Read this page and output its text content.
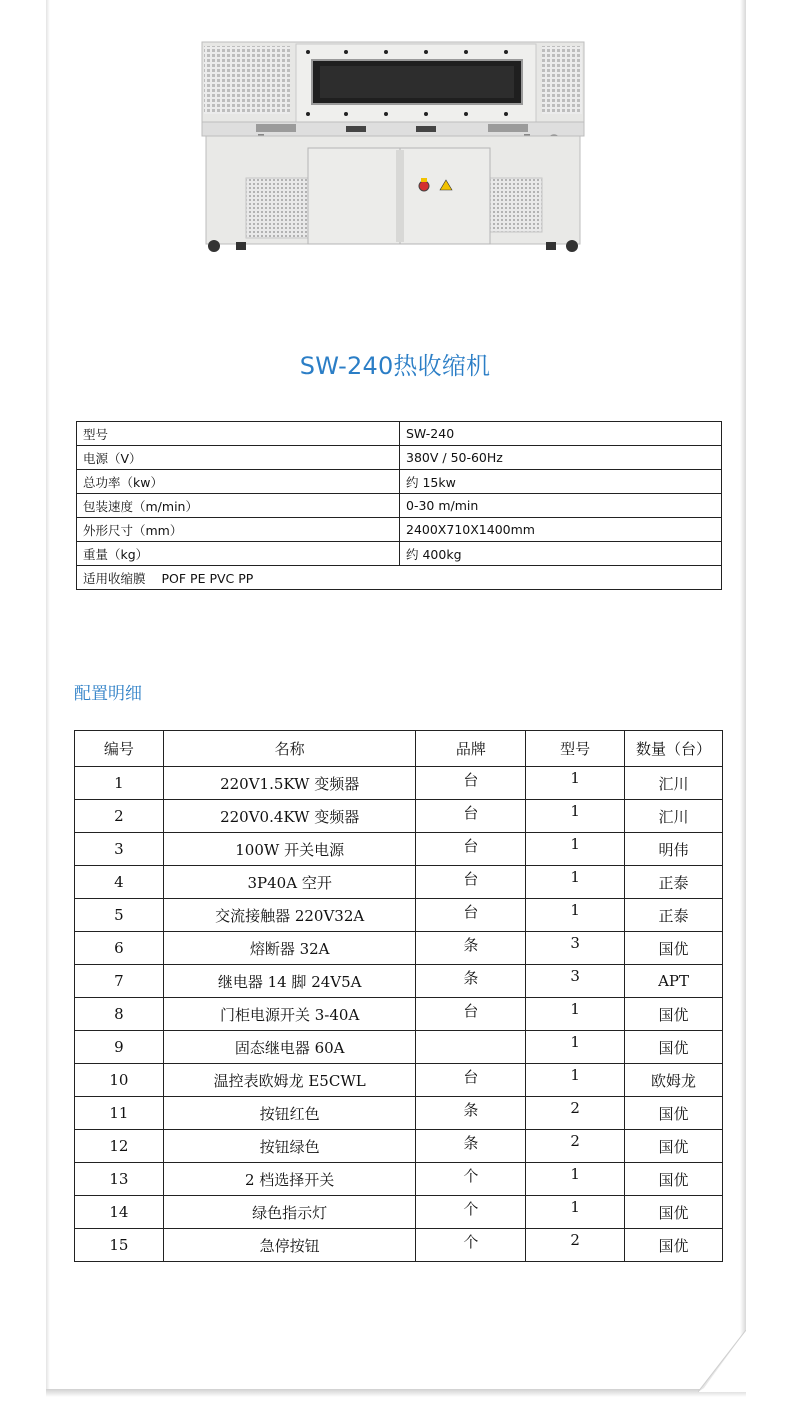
SW-240热收缩机
型号	SW-240
电源（V）	380V / 50-60Hz
总功率（kw）	约 15kw
包装速度（m/min）	0-30 m/min
外形尺寸（mm）	2400X710X1400mm
重量（kg）	约 400kg
适用收缩膜 POF PE PVC PP	
配置明细
编号	名称	品牌	型号	数量（台）
1	220V1.5KW 变频器	台	1	汇川
2	220V0.4KW 变频器	台	1	汇川
3	100W 开关电源	台	1	明伟
4	3P40A 空开	台	1	正泰
5	交流接触器 220V32A	台	1	正泰
6	熔断器 32A	条	3	国优
7	继电器 14 脚 24V5A	条	3	APT
8	门柜电源开关 3-40A	台	1	国优
9	固态继电器 60A		1	国优
10	温控表欧姆龙 E5CWL	台	1	欧姆龙
11	按钮红色	条	2	国优
12	按钮绿色	条	2	国优
13	2 档选择开关	个	1	国优
14	绿色指示灯	个	1	国优
15	急停按钮	个	2	国优
